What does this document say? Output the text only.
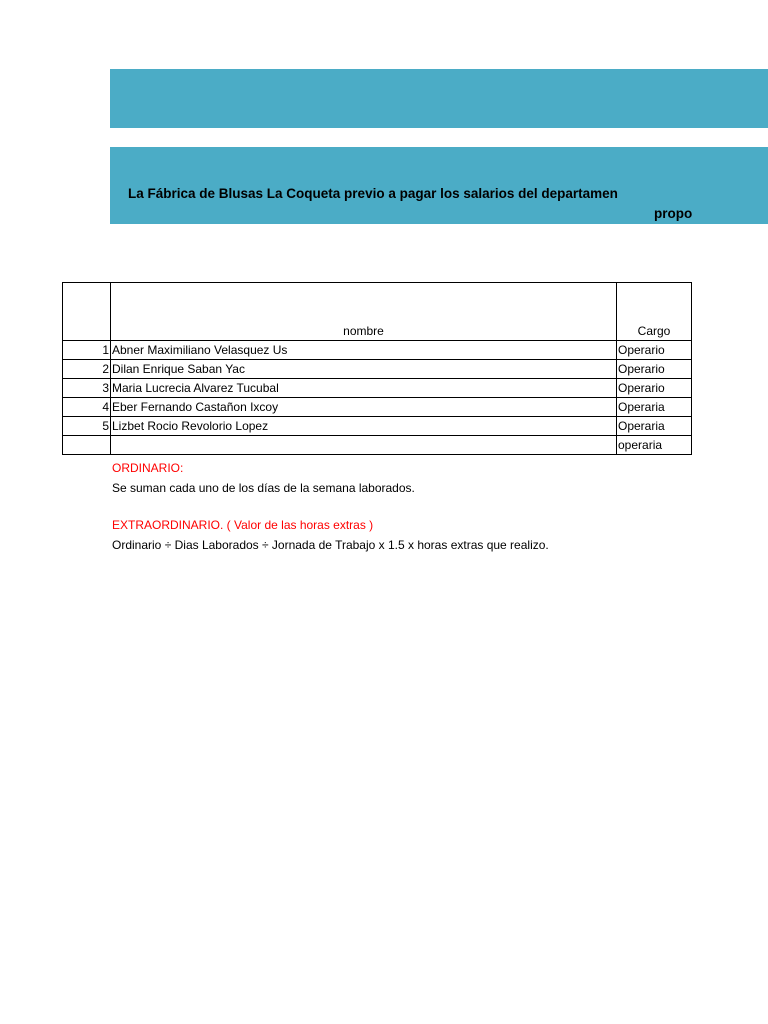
La Fábrica de Blusas La Coqueta previo a pagar los salarios del departamen
propo
	nombre	Cargo
1	Abner Maximiliano Velasquez Us	Operario
2	Dilan Enrique Saban Yac	Operario
3	Maria Lucrecia Alvarez Tucubal	Operario
4	Eber Fernando Castañon Ixcoy	Operaria
5	Lizbet Rocio Revolorio Lopez	Operaria
		operaria
ORDINARIO:
Se suman cada uno de los días de la semana laborados.
EXTRAORDINARIO. ( Valor de las horas extras )
Ordinario ÷ Dias Laborados ÷ Jornada de Trabajo x 1.5 x horas extras que realizo.
